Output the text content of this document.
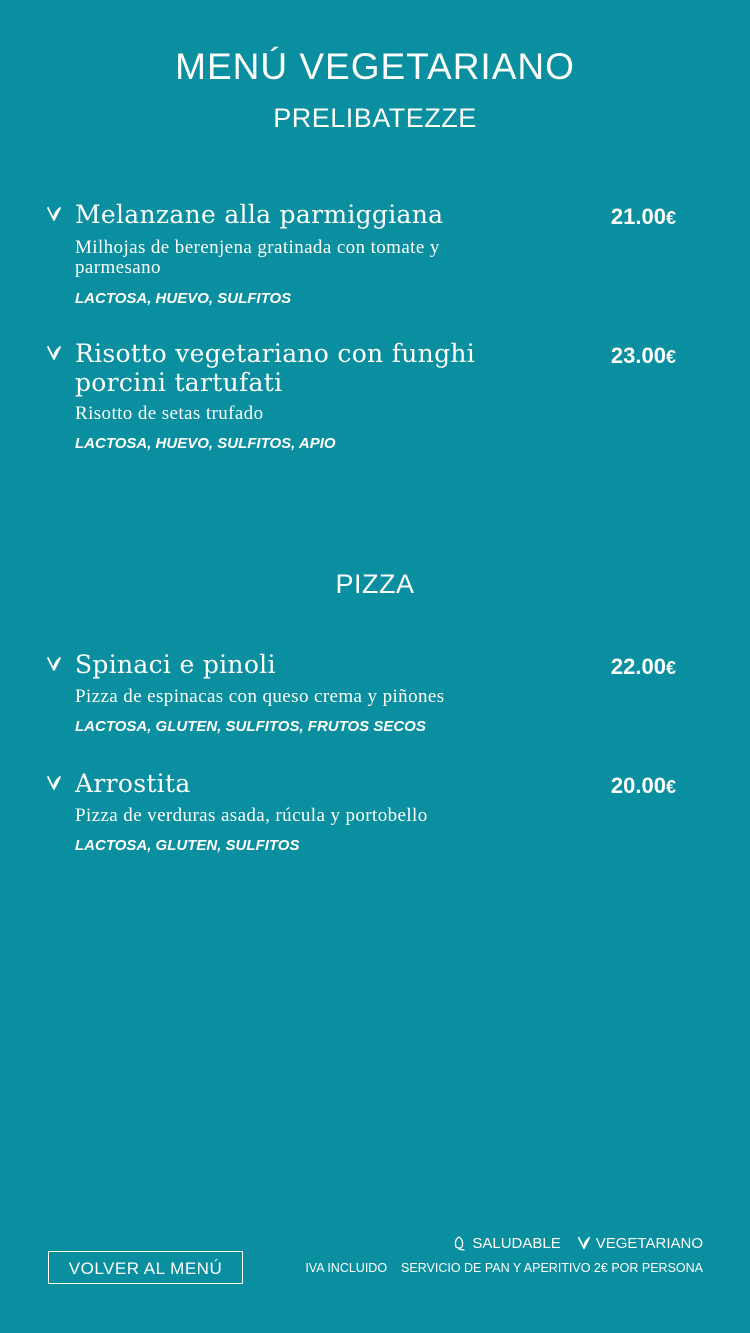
MENÚ VEGETARIANO
PRELIBATEZZE
Melanzane alla parmiggiana
Milhojas de berenjena gratinada con tomate y parmesano
LACTOSA, HUEVO, SULFITOS
21.00€
Risotto vegetariano con funghi porcini tartufati
Risotto de setas trufado
LACTOSA, HUEVO, SULFITOS, APIO
23.00€
PIZZA
Spinaci e pinoli
Pizza de espinacas con queso crema y piñones
LACTOSA, GLUTEN, SULFITOS, FRUTOS SECOS
22.00€
Arrostita
Pizza de verduras asada, rúcula y portobello
LACTOSA, GLUTEN, SULFITOS
20.00€
VOLVER AL MENÚ
SALUDABLE VEGETARIANO
IVA INCLUIDO SERVICIO DE PAN Y APERITIVO 2€ POR PERSONA
